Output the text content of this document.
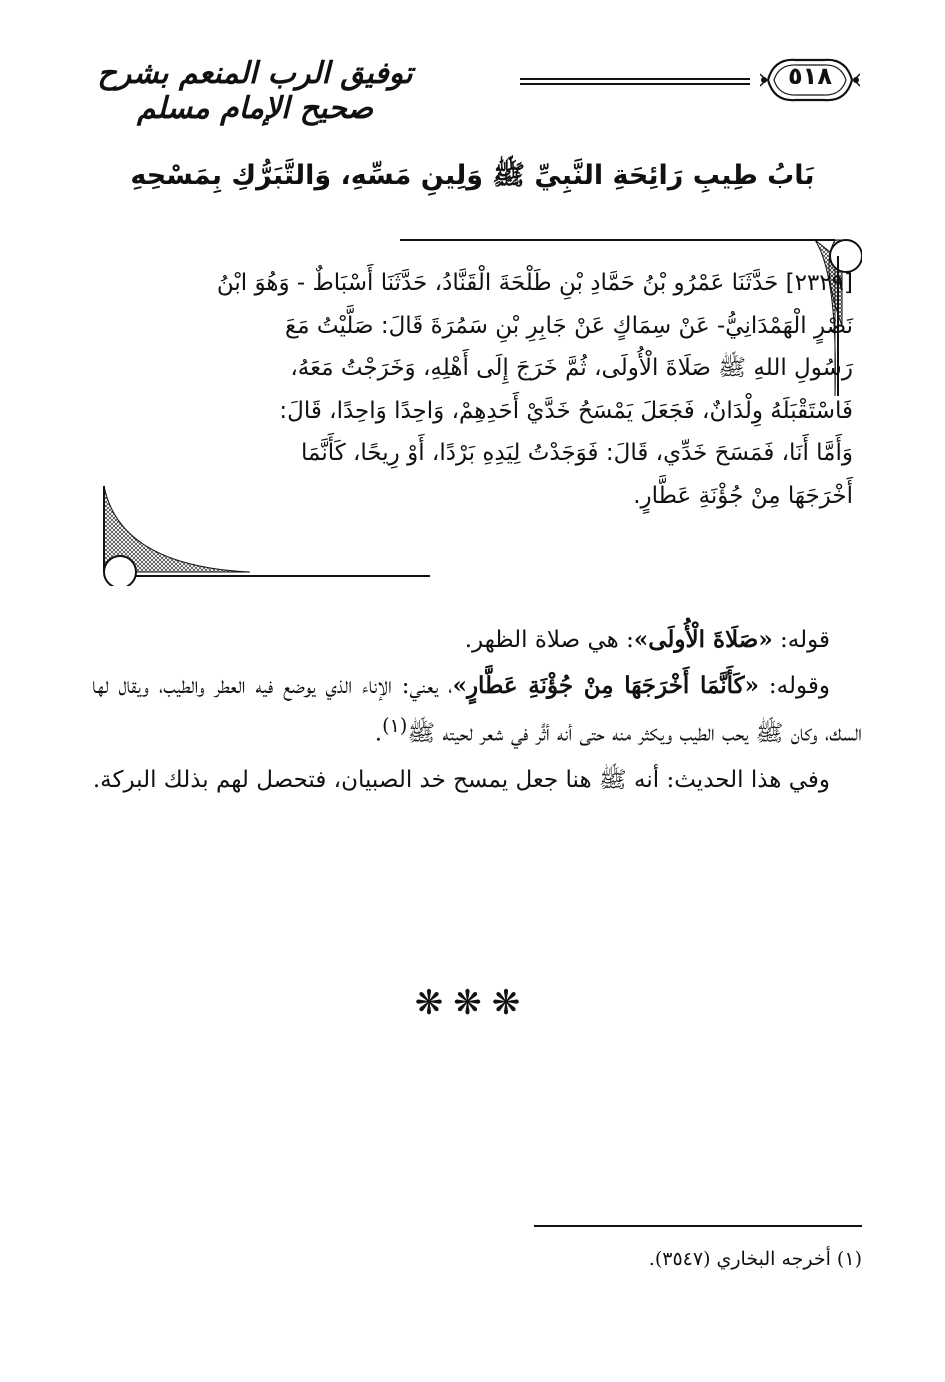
٥١٨
توفيق الرب المنعم بشرح صحيح الإمام مسلم
بَابُ طِيبِ رَائِحَةِ النَّبِيِّ ﷺ وَلِينِ مَسِّهِ، وَالتَّبَرُّكِ بِمَسْحِهِ
[٢٣٢٩] حَدَّثَنَا عَمْرُو بْنُ حَمَّادِ بْنِ طَلْحَةَ الْقَنَّادُ، حَدَّثَنَا أَسْبَاطٌ - وَهُوَ ابْنُ
نَصْرٍ الْهَمْدَانِيُّ- عَنْ سِمَاكٍ عَنْ جَابِرِ بْنِ سَمُرَةَ قَالَ: صَلَّيْتُ مَعَ
رَسُولِ اللهِ ﷺ صَلَاةَ الْأُولَى، ثُمَّ خَرَجَ إِلَى أَهْلِهِ، وَخَرَجْتُ مَعَهُ،
فَاسْتَقْبَلَهُ وِلْدَانٌ، فَجَعَلَ يَمْسَحُ خَدَّيْ أَحَدِهِمْ، وَاحِدًا وَاحِدًا، قَالَ:
وَأَمَّا أَنَا، فَمَسَحَ خَدِّي، قَالَ: فَوَجَدْتُ لِيَدِهِ بَرْدًا، أَوْ رِيحًا، كَأَنَّمَا
أَخْرَجَهَا مِنْ جُؤْنَةِ عَطَّارٍ.

قوله: «صَلَاةَ الْأُولَى»: هي صلاة الظهر.

وقوله: «كَأَنَّمَا أَخْرَجَهَا مِنْ جُؤْنَةِ عَطَّارٍ»، يعني: الإناء الذي يوضع فيه العطر والطيب، ويقال لها السك، وكان ﷺ يحب الطيب ويكثر منه حتى أنه أثَّر في شعر لحيته ﷺ$^{(١)}$.

وفي هذا الحديث: أنه ﷺ هنا جعل يمسح خد الصبيان، فتحصل لهم بذلك البركة.

❋❋❋
(١) أخرجه البخاري (٣٥٤٧).
